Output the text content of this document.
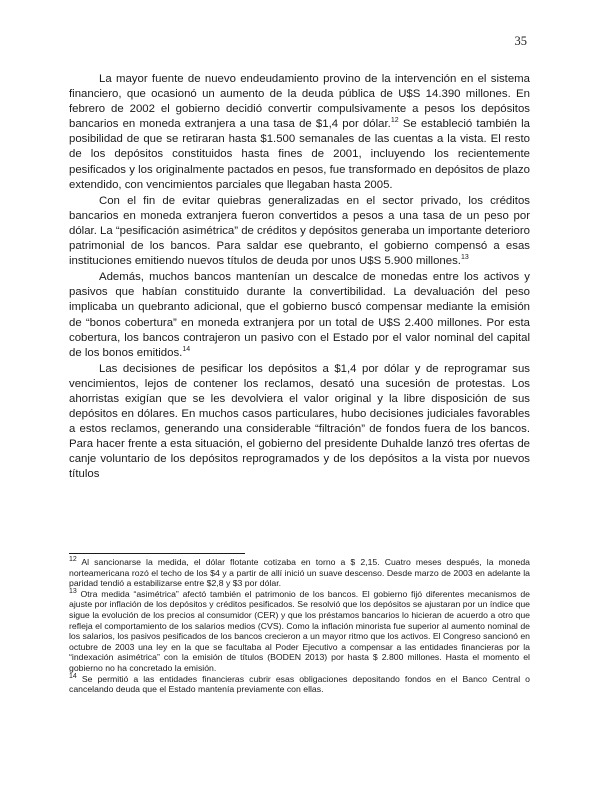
35

La mayor fuente de nuevo endeudamiento provino de la intervención en el sistema financiero, que ocasionó un aumento de la deuda pública de U$S 14.390 millones. En febrero de 2002 el gobierno decidió convertir compulsivamente a pesos los depósitos bancarios en moneda extranjera a una tasa de $1,4 por dólar.$^{12}$ Se estableció también la posibilidad de que se retiraran hasta $1.500 semanales de las cuentas a la vista. El resto de los depósitos constituidos hasta fines de 2001, incluyendo los recientemente pesificados y los originalmente pactados en pesos, fue transformado en depósitos de plazo extendido, con vencimientos parciales que llegaban hasta 2005.

Con el fin de evitar quiebras generalizadas en el sector privado, los créditos bancarios en moneda extranjera fueron convertidos a pesos a una tasa de un peso por dólar. La “pesificación asimétrica” de créditos y depósitos generaba un importante deterioro patrimonial de los bancos. Para saldar ese quebranto, el gobierno compensó a esas instituciones emitiendo nuevos títulos de deuda por unos U$S 5.900 millones.$^{13}$

Además, muchos bancos mantenían un descalce de monedas entre los activos y pasivos que habían constituido durante la convertibilidad. La devaluación del peso implicaba un quebranto adicional, que el gobierno buscó compensar mediante la emisión de “bonos cobertura” en moneda extranjera por un total de U$S 2.400 millones. Por esta cobertura, los bancos contrajeron un pasivo con el Estado por el valor nominal del capital de los bonos emitidos.$^{14}$

Las decisiones de pesificar los depósitos a $1,4 por dólar y de reprogramar sus vencimientos, lejos de contener los reclamos, desató una sucesión de protestas. Los ahorristas exigían que se les devolviera el valor original y la libre disposición de sus depósitos en dólares. En muchos casos particulares, hubo decisiones judiciales favorables a estos reclamos, generando una considerable “filtración” de fondos fuera de los bancos. Para hacer frente a esta situación, el gobierno del presidente Duhalde lanzó tres ofertas de canje voluntario de los depósitos reprogramados y de los depósitos a la vista por nuevos títulos

$^{12}$ Al sancionarse la medida, el dólar flotante cotizaba en torno a $ 2,15. Cuatro meses después, la moneda norteamericana rozó el techo de los $4 y a partir de allí inició un suave descenso. Desde marzo de 2003 en adelante la paridad tendió a estabilizarse entre $2,8 y $3 por dólar.

$^{13}$ Otra medida “asimétrica” afectó también el patrimonio de los bancos. El gobierno fijó diferentes mecanismos de ajuste por inflación de los depósitos y créditos pesificados. Se resolvió que los depósitos se ajustaran por un índice que sigue la evolución de los precios al consumidor (CER) y que los préstamos bancarios lo hicieran de acuerdo a otro que refleja el comportamiento de los salarios medios (CVS). Como la inflación minorista fue superior al aumento nominal de los salarios, los pasivos pesificados de los bancos crecieron a un mayor ritmo que los activos. El Congreso sancionó en octubre de 2003 una ley en la que se facultaba al Poder Ejecutivo a compensar a las entidades financieras por la “indexación asimétrica” con la emisión de títulos (BODEN 2013) por hasta $ 2.800 millones. Hasta el momento el gobierno no ha concretado la emisión.

$^{14}$ Se permitió a las entidades financieras cubrir esas obligaciones depositando fondos en el Banco Central o cancelando deuda que el Estado mantenía previamente con ellas.
